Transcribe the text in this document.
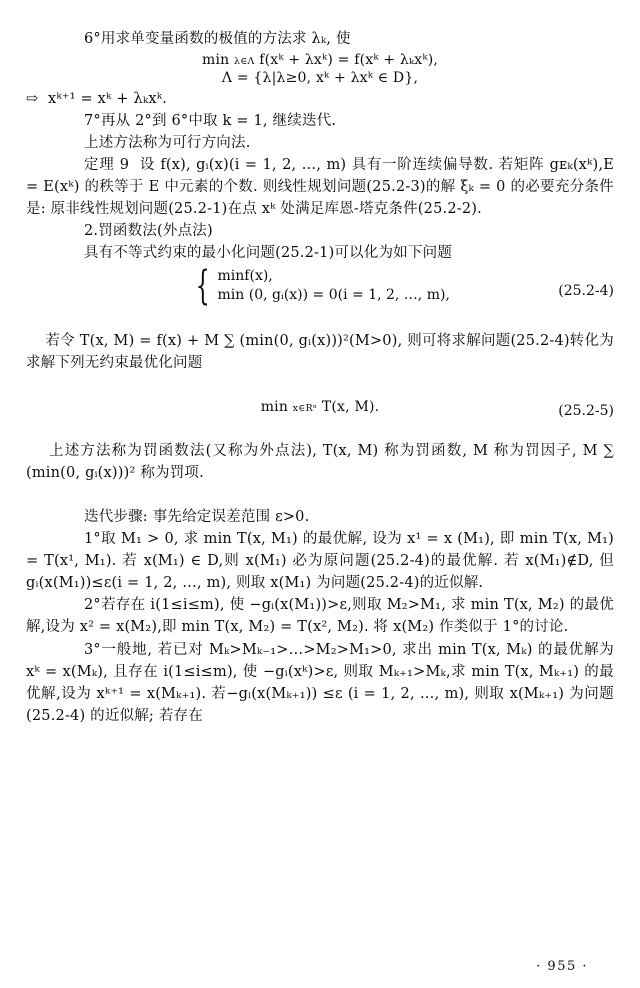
6°用求单变量函数的极值的方法求 λₖ, 使
min λ∈Λ f(xᵏ + λxᵏ) = f(xᵏ + λₖxᵏ),
Λ = {λ|λ≥0, xᵏ + λxᵏ ∈ D},
⇨  xᵏ⁺¹ = xᵏ + λₖxᵏ.
7°再从 2°到 6°中取 k = 1, 继续迭代.
上述方法称为可行方向法.
定理 9  设 f(x), gᵢ(x)(i = 1, 2, …, m) 具有一阶连续偏导数. 若矩阵 gᴇₖ(xᵏ),E = E(xᵏ) 的秩等于 E 中元素的个数. 则线性规划问题(25.2-3)的解 ξₖ = 0 的必要充分条件是: 原非线性规划问题(25.2-1)在点 xᵏ 处满足库恩-塔克条件(25.2-2).
2.罚函数法(外点法)
具有不等式约束的最小化问题(25.2-1)可以化为如下问题
{ minf(x),
min (0, gᵢ(x)) = 0(i = 1, 2, …, m),	(25.2-4)

若令 T(x, M) = f(x) + M ∑ (min(0, gᵢ(x)))²(M>0), 则可将求解问题(25.2-4)转化为求解下列无约束最优化问题

min x∈Rⁿ T(x, M).	(25.2-5)

上述方法称为罚函数法(又称为外点法), T(x, M) 称为罚函数, M 称为罚因子, M ∑ (min(0, gᵢ(x)))² 称为罚项.

迭代步骤: 事先给定误差范围 ε>0.
1°取 M₁ > 0, 求 min T(x, M₁) 的最优解, 设为 x¹ = x (M₁), 即 min T(x, M₁) = T(x¹, M₁). 若 x(M₁) ∈ D,则 x(M₁) 必为原问题(25.2-4)的最优解. 若 x(M₁)∉D, 但 gᵢ(x(M₁))≤ε(i = 1, 2, …, m), 则取 x(M₁) 为问题(25.2-4)的近似解.
2°若存在 i(1≤i≤m), 使 −gᵢ(x(M₁))>ε,则取 M₂>M₁, 求 min T(x, M₂) 的最优解,设为 x² = x(M₂),即 min T(x, M₂) = T(x², M₂). 将 x(M₂) 作类似于 1°的讨论.
3°一般地, 若已对 Mₖ>Mₖ₋₁>…>M₂>M₁>0, 求出 min T(x, Mₖ) 的最优解为 xᵏ = x(Mₖ), 且存在 i(1≤i≤m), 使 −gᵢ(xᵏ)>ε, 则取 Mₖ₊₁>Mₖ,求 min T(x, Mₖ₊₁) 的最优解,设为 xᵏ⁺¹ = x(Mₖ₊₁). 若−gᵢ(x(Mₖ₊₁)) ≤ε (i = 1, 2, …, m), 则取 x(Mₖ₊₁) 为问题 (25.2-4) 的近似解; 若存在
· 955 ·
